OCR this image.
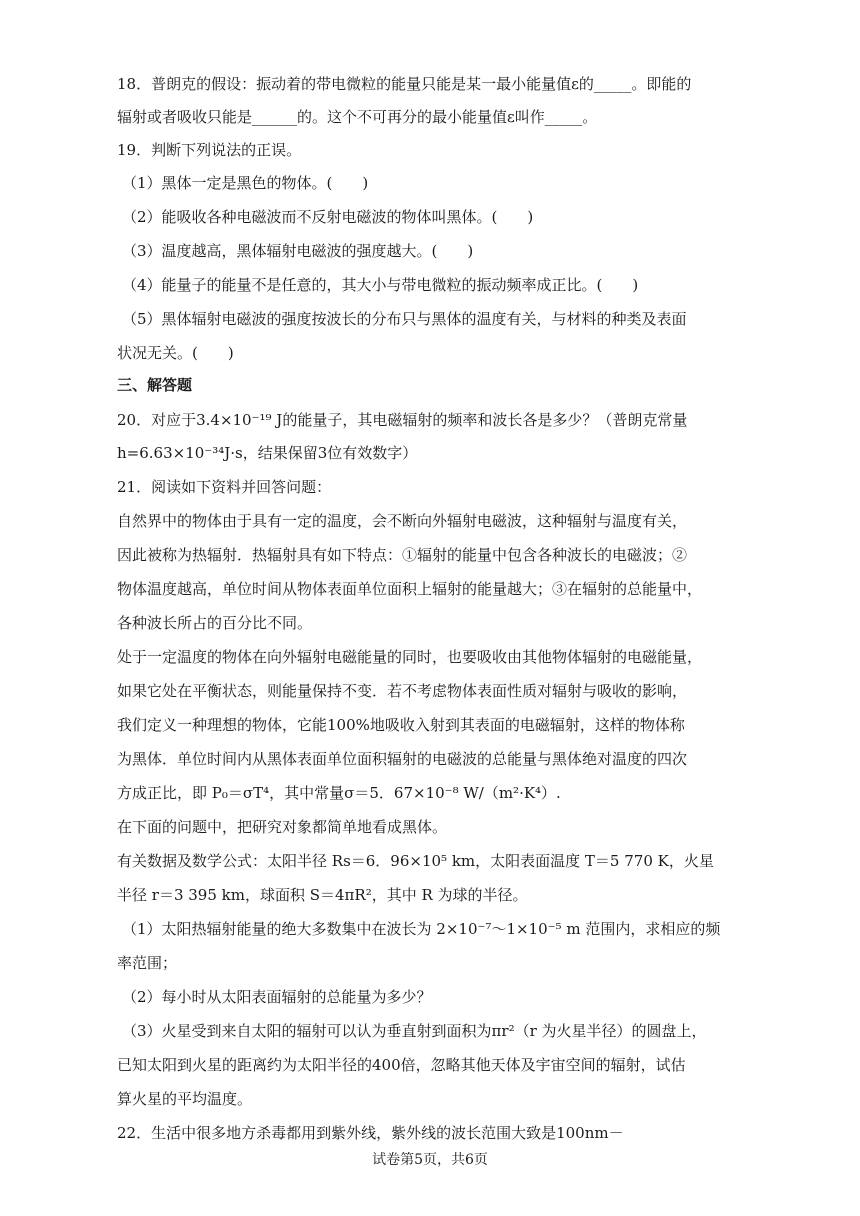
18．普朗克的假设：振动着的带电微粒的能量只能是某一最小能量值ε的_____。即能的
辐射或者吸收只能是______的。这个不可再分的最小能量值ε叫作_____。
19．判断下列说法的正误。
（1）黑体一定是黑色的物体。(　　)
（2）能吸收各种电磁波而不反射电磁波的物体叫黑体。(　　)
（3）温度越高，黑体辐射电磁波的强度越大。(　　)
（4）能量子的能量不是任意的，其大小与带电微粒的振动频率成正比。(　　)
（5）黑体辐射电磁波的强度按波长的分布只与黑体的温度有关，与材料的种类及表面
状况无关。(　　)
三、解答题
20．对应于3.4×10⁻¹⁹ J的能量子，其电磁辐射的频率和波长各是多少？（普朗克常量
h=6.63×10⁻³⁴J·s，结果保留3位有效数字）
21．阅读如下资料并回答问题：
自然界中的物体由于具有一定的温度，会不断向外辐射电磁波，这种辐射与温度有关，
因此被称为热辐射．热辐射具有如下特点：①辐射的能量中包含各种波长的电磁波；②
物体温度越高，单位时间从物体表面单位面积上辐射的能量越大；③在辐射的总能量中，
各种波长所占的百分比不同。
处于一定温度的物体在向外辐射电磁能量的同时，也要吸收由其他物体辐射的电磁能量，
如果它处在平衡状态，则能量保持不变．若不考虑物体表面性质对辐射与吸收的影响，
我们定义一种理想的物体，它能100%地吸收入射到其表面的电磁辐射，这样的物体称
为黑体．单位时间内从黑体表面单位面积辐射的电磁波的总能量与黑体绝对温度的四次
方成正比，即 P₀＝σT⁴，其中常量σ＝5．67×10⁻⁸ W/（m²·K⁴）.
在下面的问题中，把研究对象都简单地看成黑体。
有关数据及数学公式：太阳半径 Rs＝6．96×10⁵ km，太阳表面温度 T＝5 770 K，火星
半径 r＝3 395 km，球面积 S＝4πR²，其中 R 为球的半径。
（1）太阳热辐射能量的绝大多数集中在波长为 2×10⁻⁷～1×10⁻⁵ m 范围内，求相应的频
率范围；
（2）每小时从太阳表面辐射的总能量为多少？
（3）火星受到来自太阳的辐射可以认为垂直射到面积为πr²（r 为火星半径）的圆盘上，
已知太阳到火星的距离约为太阳半径的400倍，忽略其他天体及宇宙空间的辐射，试估
算火星的平均温度。
22．生活中很多地方杀毒都用到紫外线，紫外线的波长范围大致是100nm－
试卷第5页，共6页
